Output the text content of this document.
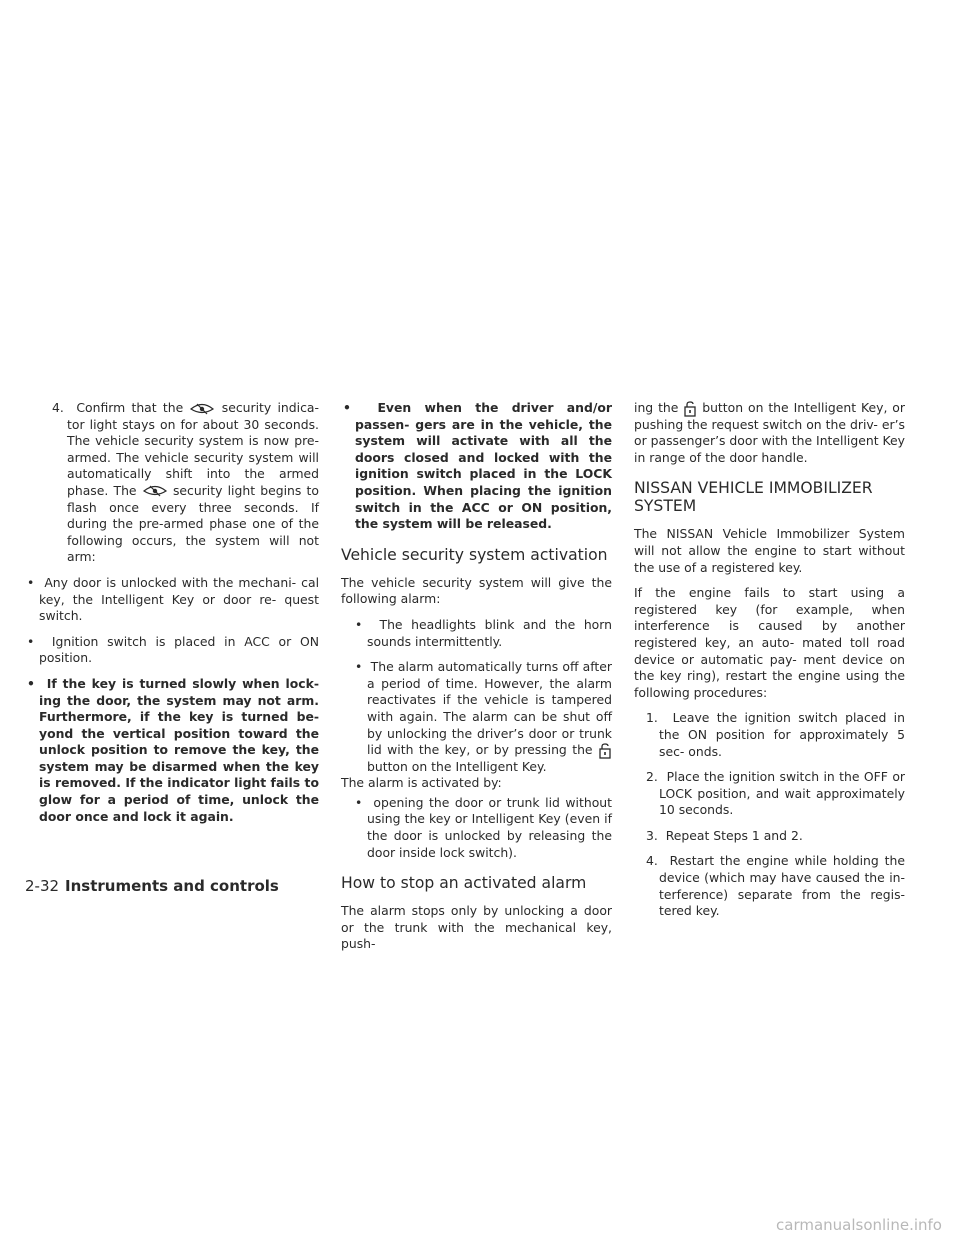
4. Confirm that the	security indica- tor light stays on for about 30 seconds. The vehicle security system is now pre- armed. The vehicle security system will automatically shift into the armed phase. The	security light begins to flash once every three seconds. If during the pre-armed phase one of the following occurs, the system will not arm:

•  Any door is unlocked with the mechani- cal key, the Intelligent Key or door re- quest switch.

•  Ignition switch is placed in ACC or ON position.

•  If the key is turned slowly when lock- ing the door, the system may not arm. Furthermore, if the key is turned be- yond the vertical position toward the unlock position to remove the key, the system may be disarmed when the key is removed. If the indicator light fails to glow for a period of time, unlock the door once and lock it again.

•  Even when the driver and/or passen- gers are in the vehicle, the system will activate with all the doors closed and locked with the ignition switch placed in the LOCK position. When placing the ignition switch in the ACC or ON position, the system will be released.

Vehicle security system activation

The vehicle security system will give the following alarm:

•  The headlights blink and the horn sounds intermittently.

•  The alarm automatically turns off after a period of time. However, the alarm reactivates if the vehicle is tampered with again. The alarm can be shut off by unlocking the driver’s door or trunk lid with the key, or by pressing the
button on the Intelligent Key.

The alarm is activated by:

•  opening the door or trunk lid without using the key or Intelligent Key (even if the door is unlocked by releasing the door inside lock switch).

How to stop an activated alarm

The alarm stops only by unlocking a door or the trunk with the mechanical key, push-

ing the button on the Intelligent Key, or pushing the request switch on the driv- er’s or passenger’s door with the Intelligent Key in range of the door handle.

NISSAN VEHICLE IMMOBILIZER SYSTEM

The NISSAN Vehicle Immobilizer System will not allow the engine to start without the use of a registered key.

If the engine fails to start using a registered key (for example, when interference is caused by another registered key, an auto- mated toll road device or automatic pay- ment device on the key ring), restart the engine using the following procedures:

1. Leave the ignition switch placed in the ON position for approximately 5 sec- onds.

2. Place the ignition switch in the OFF or LOCK position, and wait approximately 10 seconds.

3. Repeat Steps 1 and 2.

4. Restart the engine while holding the device (which may have caused the in- terference) separate from the regis- tered key.

2-32 Instruments and controls
carmanualsonline.info
